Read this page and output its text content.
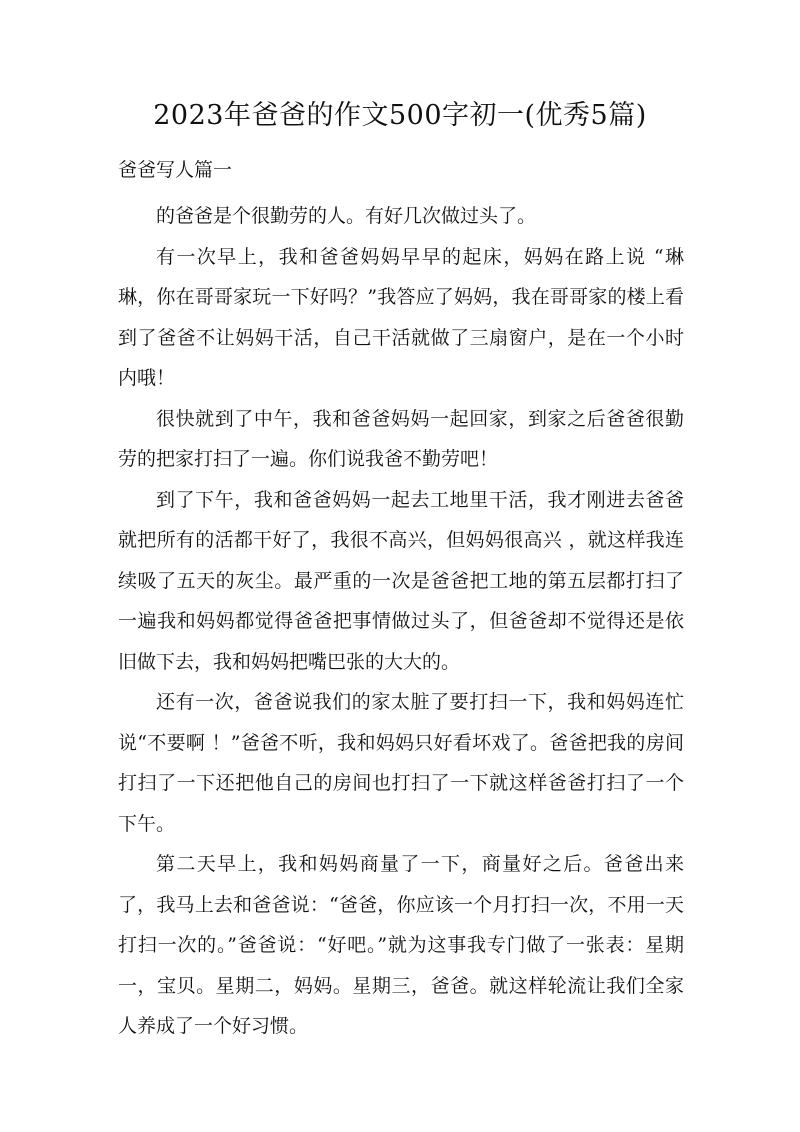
2023年爸爸的作文500字初一(优秀5篇)
爸爸写人篇一

的爸爸是个很勤劳的人。有好几次做过头了。

有一次早上，我和爸爸妈妈早早的起床，妈妈在路上说 “琳琳，你在哥哥家玩一下好吗？”我答应了妈妈，我在哥哥家的楼上看到了爸爸不让妈妈干活，自己干活就做了三扇窗户，是在一个小时内哦！

很快就到了中午，我和爸爸妈妈一起回家，到家之后爸爸很勤劳的把家打扫了一遍。你们说我爸不勤劳吧！

到了下午，我和爸爸妈妈一起去工地里干活，我才刚进去爸爸就把所有的活都干好了，我很不高兴，但妈妈很高兴 ，就这样我连续吸了五天的灰尘。最严重的一次是爸爸把工地的第五层都打扫了一遍我和妈妈都觉得爸爸把事情做过头了，但爸爸却不觉得还是依旧做下去，我和妈妈把嘴巴张的大大的。

还有一次，爸爸说我们的家太脏了要打扫一下，我和妈妈连忙说“不要啊 ！”爸爸不听，我和妈妈只好看坏戏了。爸爸把我的房间打扫了一下还把他自己的房间也打扫了一下就这样爸爸打扫了一个下午。

第二天早上，我和妈妈商量了一下，商量好之后。爸爸出来了，我马上去和爸爸说：“爸爸，你应该一个月打扫一次，不用一天打扫一次的。”爸爸说：“好吧。”就为这事我专门做了一张表：星期一，宝贝。星期二，妈妈。星期三，爸爸。就这样轮流让我们全家人养成了一个好习惯。
